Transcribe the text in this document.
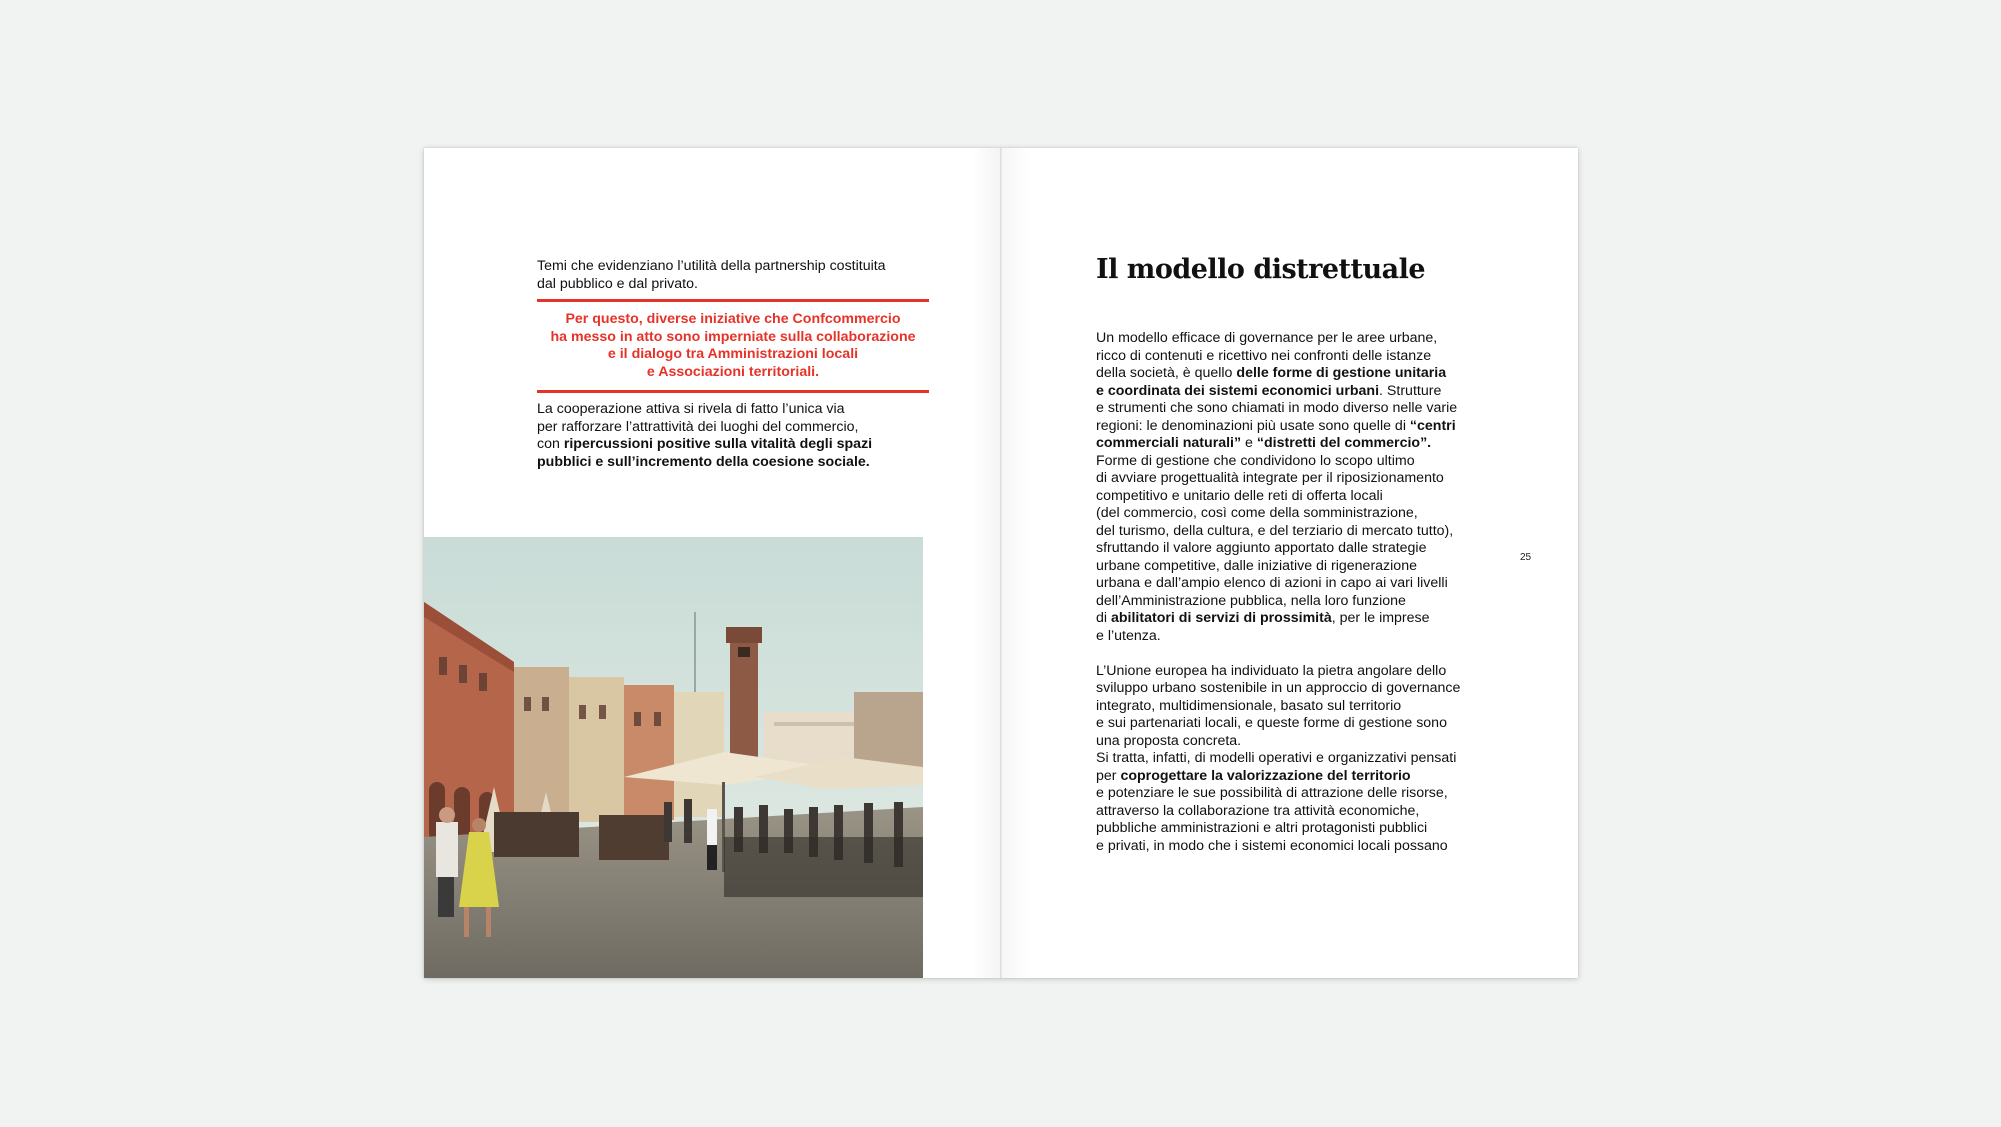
Temi che evidenziano l’utilità della partnership costituita
dal pubblico e dal privato.

Per questo, diverse iniziative che Confcommercio
ha messo in atto sono imperniate sulla collaborazione
e il dialogo tra Amministrazioni locali
e Associazioni territoriali.

La cooperazione attiva si rivela di fatto l’unica via
per rafforzare l’attrattività dei luoghi del commercio,
con ripercussioni positive sulla vitalità degli spazi
pubblici e sull’incremento della coesione sociale.

Il modello distrettuale

Un modello efficace di governance per le aree urbane,
ricco di contenuti e ricettivo nei confronti delle istanze
della società, è quello delle forme di gestione unitaria
e coordinata dei sistemi economici urbani. Strutture
e strumenti che sono chiamati in modo diverso nelle varie
regioni: le denominazioni più usate sono quelle di “centri
commerciali naturali” e “distretti del commercio”.
Forme di gestione che condividono lo scopo ultimo
di avviare progettualità integrate per il riposizionamento
competitivo e unitario delle reti di offerta locali
(del commercio, così come della somministrazione,
del turismo, della cultura, e del terziario di mercato tutto),
sfruttando il valore aggiunto apportato dalle strategie
urbane competitive, dalle iniziative di rigenerazione
urbana e dall’ampio elenco di azioni in capo ai vari livelli
dell’Amministrazione pubblica, nella loro funzione
di abilitatori di servizi di prossimità, per le imprese
e l’utenza.

L’Unione europea ha individuato la pietra angolare dello
sviluppo urbano sostenibile in un approccio di governance
integrato, multidimensionale, basato sul territorio
e sui partenariati locali, e queste forme di gestione sono
una proposta concreta.
Si tratta, infatti, di modelli operativi e organizzativi pensati
per coprogettare la valorizzazione del territorio
e potenziare le sue possibilità di attrazione delle risorse,
attraverso la collaborazione tra attività economiche,
pubbliche amministrazioni e altri protagonisti pubblici
e privati, in modo che i sistemi economici locali possano

25
